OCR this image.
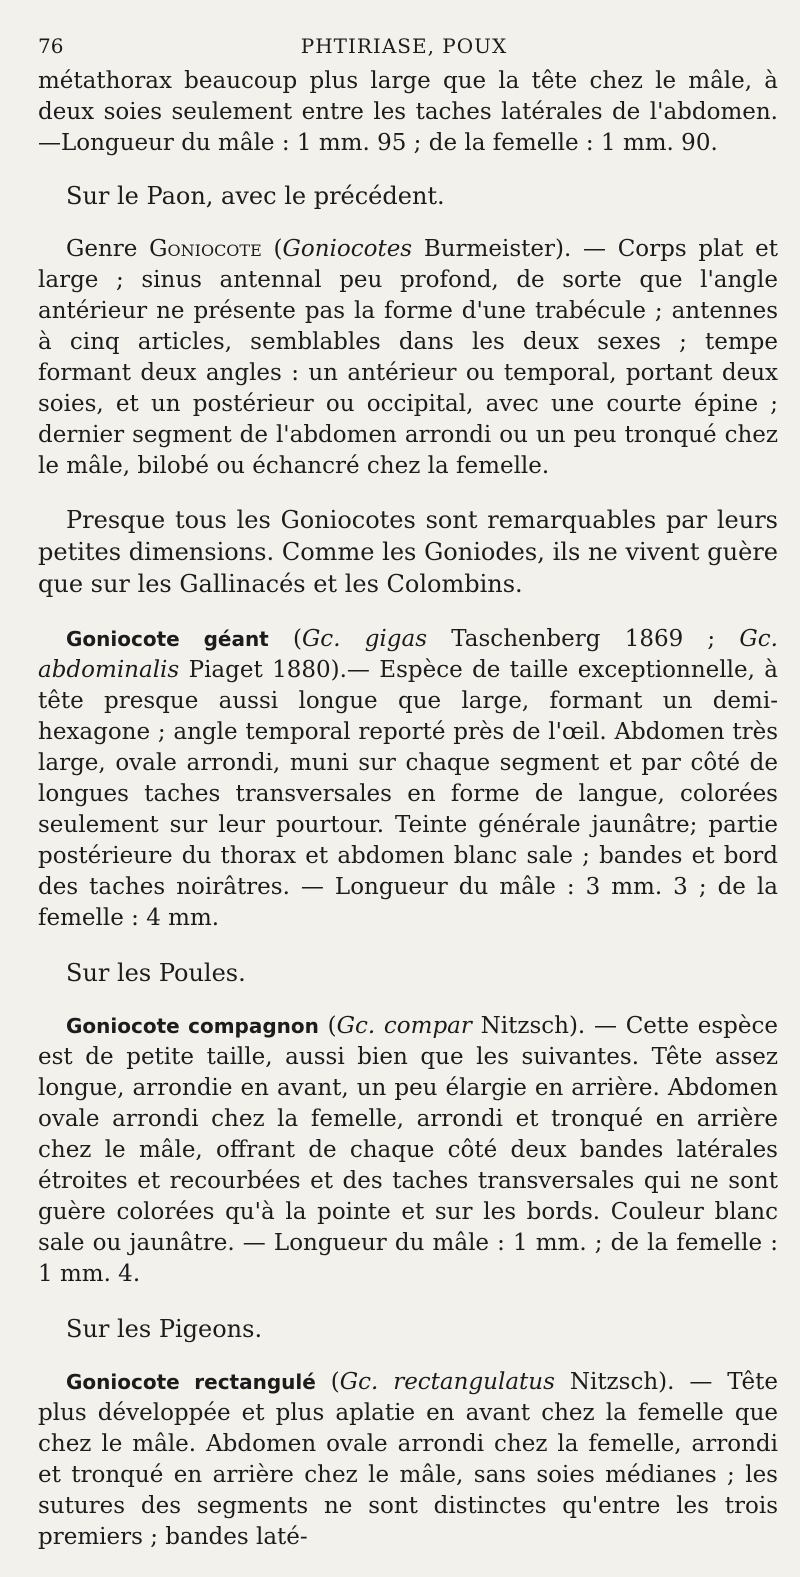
76	PHTIRIASE, POUX

métathorax beaucoup plus large que la tête chez le mâle, à deux soies seulement entre les taches latérales de l'abdomen.—Longueur du mâle : 1 mm. 95 ; de la femelle : 1 mm. 90.

Sur le Paon, avec le précédent.

Genre Goniocote (Goniocotes Burmeister). — Corps plat et large ; sinus antennal peu profond, de sorte que l'angle antérieur ne présente pas la forme d'une trabécule ; antennes à cinq articles, semblables dans les deux sexes ; tempe formant deux angles : un antérieur ou temporal, portant deux soies, et un postérieur ou occipital, avec une courte épine ; dernier segment de l'abdomen arrondi ou un peu tronqué chez le mâle, bilobé ou échancré chez la femelle.

Presque tous les Goniocotes sont remarquables par leurs petites dimensions. Comme les Goniodes, ils ne vivent guère que sur les Gallinacés et les Colombins.

Goniocote géant (Gc. gigas Taschenberg 1869 ; Gc. abdominalis Piaget 1880).— Espèce de taille exceptionnelle, à tête presque aussi longue que large, formant un demi-hexagone ; angle temporal reporté près de l'œil. Abdomen très large, ovale arrondi, muni sur chaque segment et par côté de longues taches transversales en forme de langue, colorées seulement sur leur pourtour. Teinte générale jaunâtre; partie postérieure du thorax et abdomen blanc sale ; bandes et bord des taches noirâtres. — Longueur du mâle : 3 mm. 3 ; de la femelle : 4 mm.

Sur les Poules.

Goniocote compagnon (Gc. compar Nitzsch). — Cette espèce est de petite taille, aussi bien que les suivantes. Tête assez longue, arrondie en avant, un peu élargie en arrière. Abdomen ovale arrondi chez la femelle, arrondi et tronqué en arrière chez le mâle, offrant de chaque côté deux bandes latérales étroites et recourbées et des taches transversales qui ne sont guère colorées qu'à la pointe et sur les bords. Couleur blanc sale ou jaunâtre. — Longueur du mâle : 1 mm. ; de la femelle : 1 mm. 4.

Sur les Pigeons.

Goniocote rectangulé (Gc. rectangulatus Nitzsch). — Tête plus développée et plus aplatie en avant chez la femelle que chez le mâle. Abdomen ovale arrondi chez la femelle, arrondi et tronqué en arrière chez le mâle, sans soies médianes ; les sutures des segments ne sont distinctes qu'entre les trois premiers ; bandes laté-
